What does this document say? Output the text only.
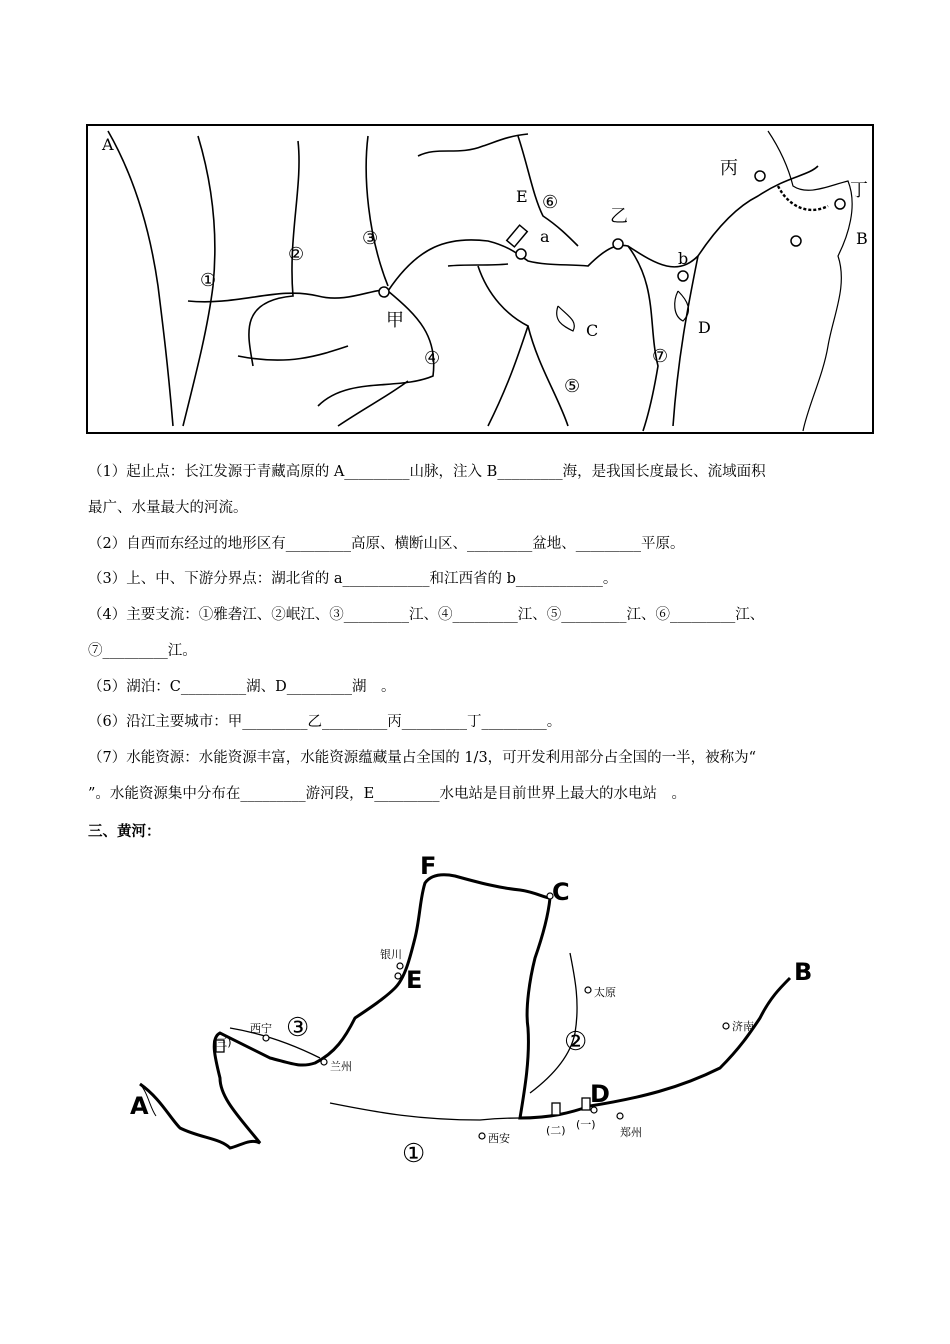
A
B
C	D
E
a
b
甲
乙
丙
丁
①
②
③
④
⑤
⑥
⑦
（1）起止点：长江发源于青藏高原的 A_________山脉，注入 B_________海，是我国长度最长、流域面积
最广、水量最大的河流。
（2）自西而东经过的地形区有_________高原、横断山区、_________盆地、_________平原。
（3）上、中、下游分界点：湖北省的 a____________和江西省的 b____________。
（4）主要支流：①雅砻江、②岷江、③_________江、④_________江、⑤_________江、⑥_________江、
⑦_________江。
（5）湖泊：C_________湖、D_________湖　。
（6）沿江主要城市：甲_________乙_________丙_________丁_________。
（7）水能资源：水能资源丰富，水能资源蕴藏量占全国的 1/3，可开发利用部分占全国的一半，被称为“
”。水能资源集中分布在_________游河段，E_________水电站是目前世界上最大的水电站　。
三、黄河：
A
B
C
D
E
F
①
②
③
(一)
(二)
(三)
银川
西宁
兰州
西安
太原
郑州
济南
